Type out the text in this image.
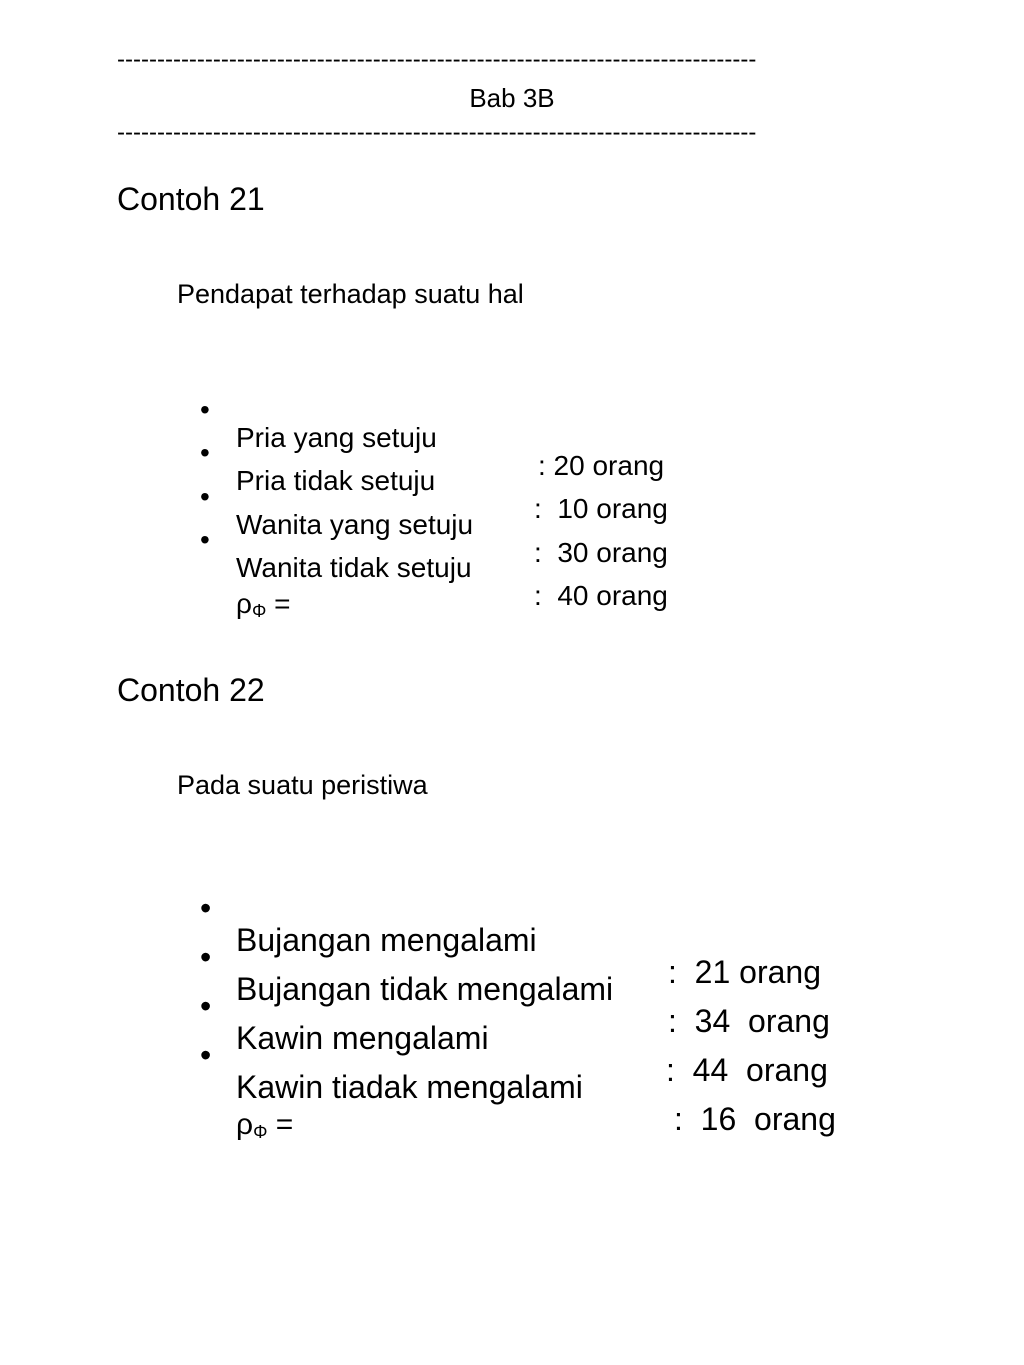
--------------------------------------------------------------------------------
Bab 3B
--------------------------------------------------------------------------------
Contoh 21
Pendapat terhadap suatu hal

•

Pria yang setuju

: 20 orang

•

Pria tidak setuju

:  10 orang

•

Wanita yang setuju

:  30 orang

•

Wanita tidak setuju

:  40 orang

$\rho_\Phi$ =
Contoh 22
Pada suatu peristiwa

•

Bujangan mengalami

:  21 orang

•

Bujangan tidak mengalami

:  34  orang

•

Kawin mengalami

:  44  orang

•

Kawin tiadak mengalami

:  16  orang

$\rho_\Phi$ =
